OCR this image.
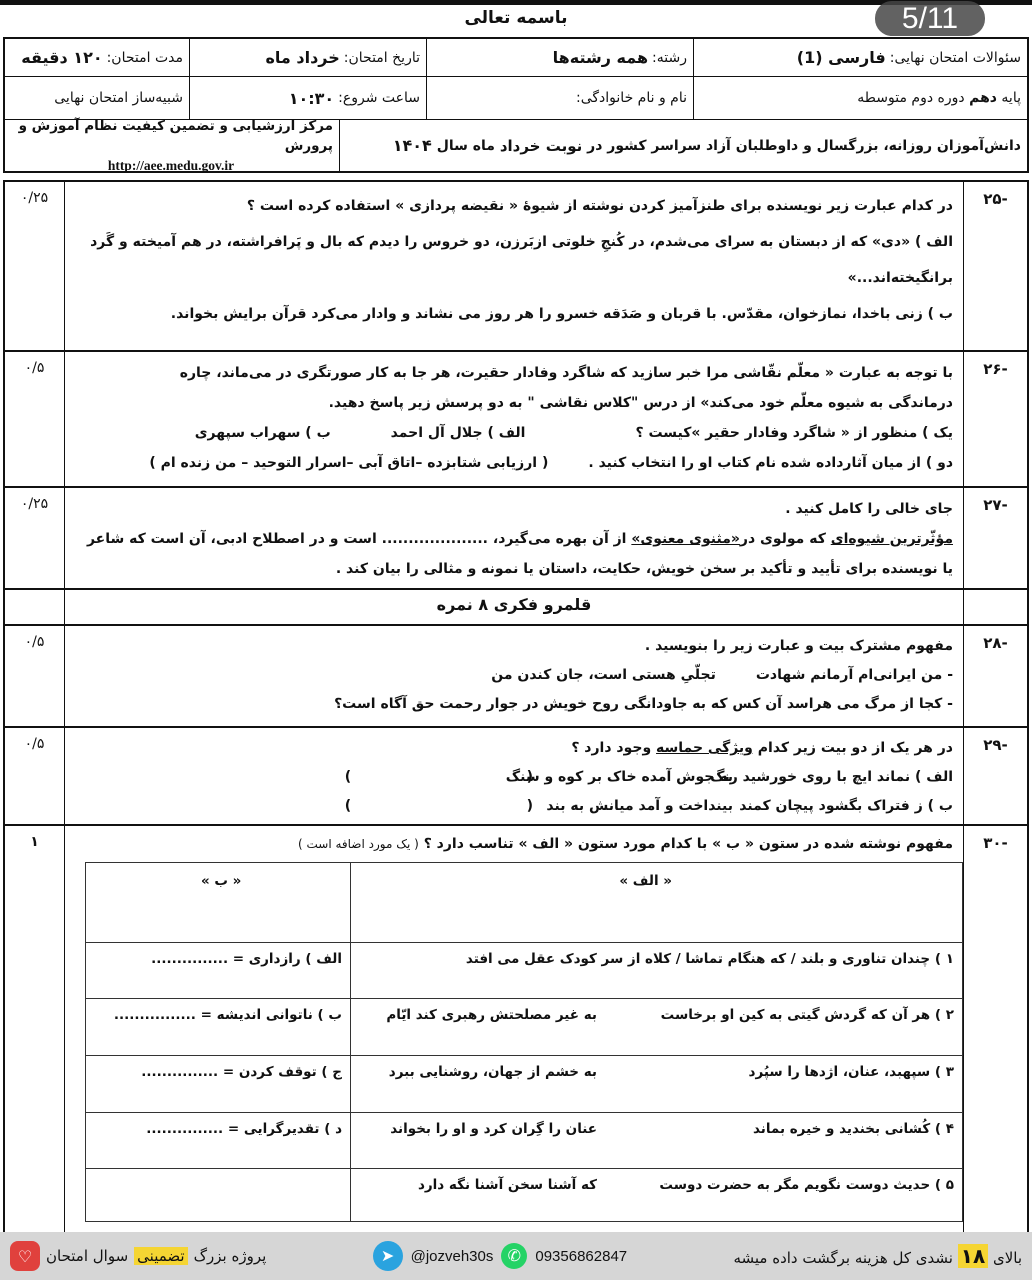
باسمه تعالی
سئوالات امتحان نهایی:
فارسی (1)
رشته:
همه رشته‌ها
تاریخ امتحان:
خرداد ماه
مدت امتحان:
۱۲۰ دقیقه
پایه

دهم

دوره دوم متوسطه
نام و نام خانوادگی:
ساعت شروع:
۱۰:۳۰
شبیه‌ساز امتحان نهایی
دانش‌آموزان روزانه، بزرگسال و داوطلبان آزاد سراسر کشور در

نوبت خرداد

ماه سال

۱۴۰۴
مرکز ارزشیابی و تضمین کیفیت نظام آموزش و پرورش
http://aee.medu.gov.ir
5/11
-۲۵
۰/۲۵	در کدام عبارت زیر نویسنده برای طنزآمیز کردن نوشته از شیوهٔ « نقیضه پردازی » استفاده کرده است ؟
الف ) «دی» که از دبستان به سرای می‌شدم، در کُنجِ خلوتی ازبَرزن، دو خروس را دیدم که بال و پَرافراشته، در هم آمیخته و گَرد
برانگیخته‌اند...»
ب ) زنی باخدا، نمازخوان، مقدّس. با قربان و صَدَقه خسرو را هر روز می نشاند و وادار می‌کرد قرآن برایش بخواند.
-۲۶
۰/۵	با توجه به عبارت « معلّم نقّاشی مرا خبر سازید که شاگرد وفادار حقیرت، هر جا به کار صورتگری در می‌ماند، چاره
درماندگی به شیوه معلّم خود می‌کند» از درس "کلاس نقاشی " به دو پرسش زیر پاسخ دهید.
یک ) منظور از « شاگرد وفادار حقیر »کیست ؟الف ) جلال آل احمدب ) سهراب سپهری
دو ) از میان آثارداده شده نام کتاب او را انتخاب کنید .( ارزیابی شتابزده –اتاق آبی –اسرار التوحید – من زنده ام )
-۲۷
۰/۲۵	جای خالی را کامل کنید .
مؤثّرترین شیوه‌ای که مولوی در«مثنوی معنوی» از آن بهره می‌گیرد، .................... است و در اصطلاح ادبی، آن است که شاعر
یا نویسنده برای تأیید و تأکید بر سخن خویش، حکایت، داستان یا نمونه و مثالی را بیان کند .
قلمرو فکری ۸ نمره
-۲۸
۰/۵	مفهوم مشترک بیت و عبارت زیر را بنویسید .
- من ایرانی‌ام آرمانم شهادتتجلّیِ هستی است، جان کندن من
- کجا از مرگ می هراسد آن کس که به جاودانگی روح خویش در جوار رحمت حق آگاه است؟
-۲۹
۰/۵	در هر یک از دو بیت زیر کدام ویژگی حماسه وجود دارد ؟
الف ) نماند ایچ با روی خورشید رنگ
به جوش آمده خاک بر کوه و سنگ
(                                    )
ب ) ز فتراک بگشود پیچان کمند
بینداخت و آمد میانش به بند
(                                    )
-۳۰
۱	مفهوم نوشته شده در ستون « ب » با کدام مورد ستون « الف » تناسب دارد ؟ ( یک مورد اضافه است )
« الف »
« ب »
۱ ) چندان تناوری و بلند / که هنگام تماشا / کلاه از سر کودک عقل می افتد
الف ) رازداری = ...............
۲ ) هر آن که گردش گیتی به کین او برخاست
به غیر مصلحتش رهبری کند ایّام
ب ) ناتوانی اندیشه = ................
۳ ) سپهبد، عنان، اژدها را سپُرد
به خشم از جهان، روشنایی ببرد
ج ) توقف کردن = ...............
۴ ) کُشانی بخندید و خیره بماند
عنان را گِران کرد و او را بخواند
د ) تقدیرگرایی = ...............
۵ ) حدیث دوست نگویم مگر به حضرت دوست
که آشنا سخن آشنا نگه دارد
بالای ۱۸ نشدی کل هزینه برگشت داده میشه
➤	@jozveh30s ✆ 09356862847
پروژه بزرگ
تضمینی
سوال امتحان
♡
